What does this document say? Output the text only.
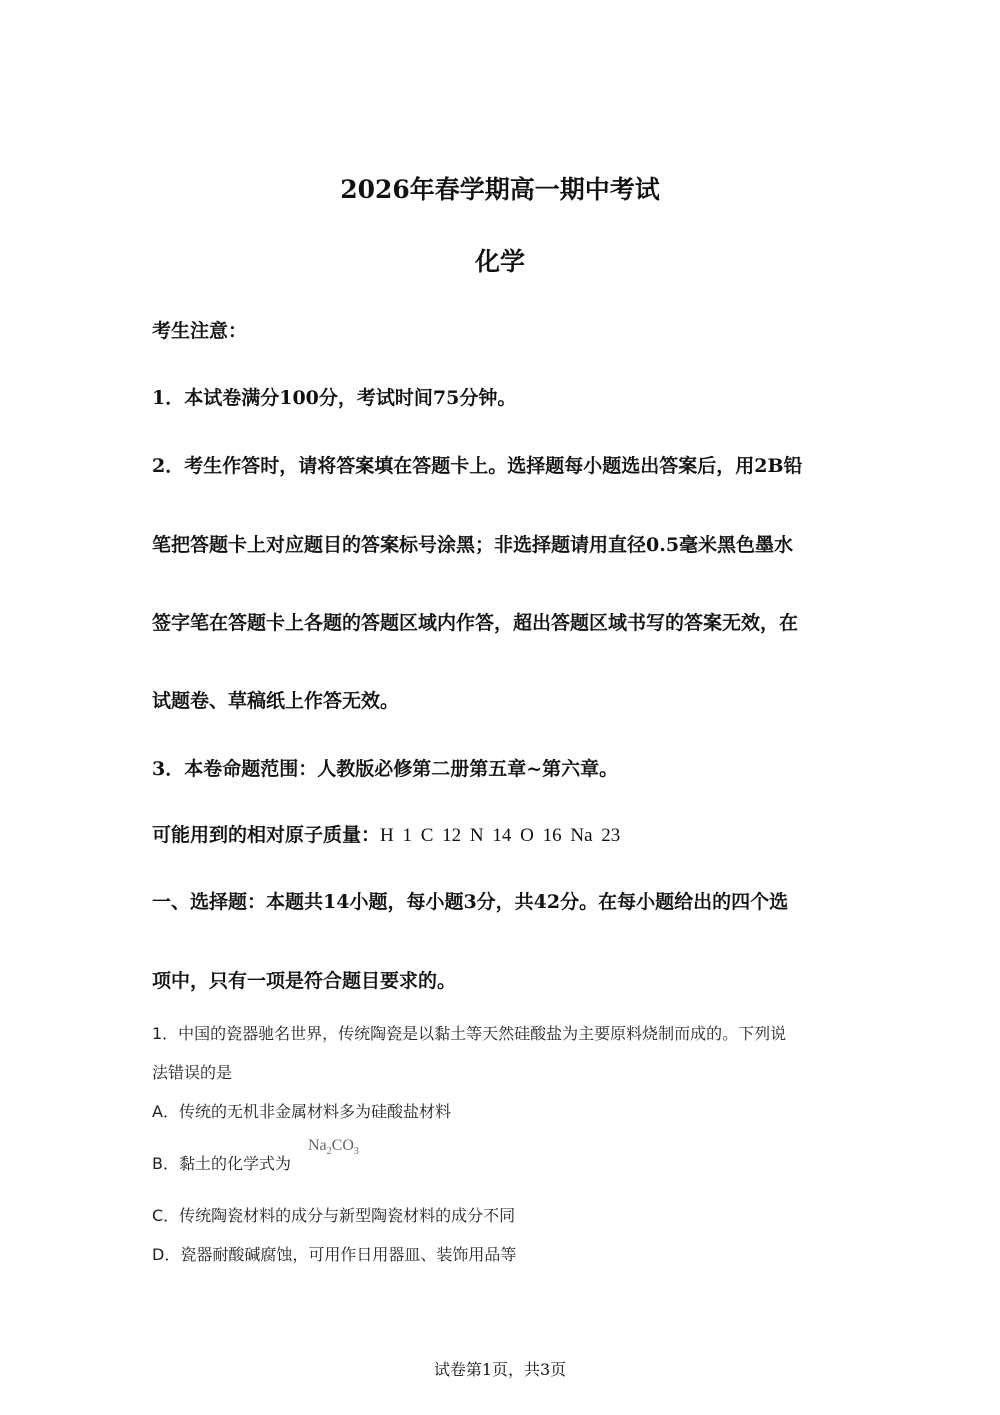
2026年春学期高一期中考试
化学
考生注意：
1．本试卷满分100分，考试时间75分钟。
2．考生作答时，请将答案填在答题卡上。选择题每小题选出答案后，用2B铅
笔把答题卡上对应题目的答案标号涂黑；非选择题请用直径0.5毫米黑色墨水
签字笔在答题卡上各题的答题区域内作答，超出答题区域书写的答案无效，在
试题卷、草稿纸上作答无效。
3．本卷命题范围：人教版必修第二册第五章~第六章。
可能用到的相对原子质量：H 1 C 12 N 14 O 16 Na 23
一、选择题：本题共14小题，每小题3分，共42分。在每小题给出的四个选
项中，只有一项是符合题目要求的。
1．中国的瓷器驰名世界，传统陶瓷是以黏土等天然硅酸盐为主要原料烧制而成的。下列说
法错误的是
A．传统的无机非金属材料多为硅酸盐材料
B．黏土的化学式为
$Na_2CO_3$
C．传统陶瓷材料的成分与新型陶瓷材料的成分不同
D．瓷器耐酸碱腐蚀，可用作日用器皿、装饰用品等
试卷第1页，共3页
